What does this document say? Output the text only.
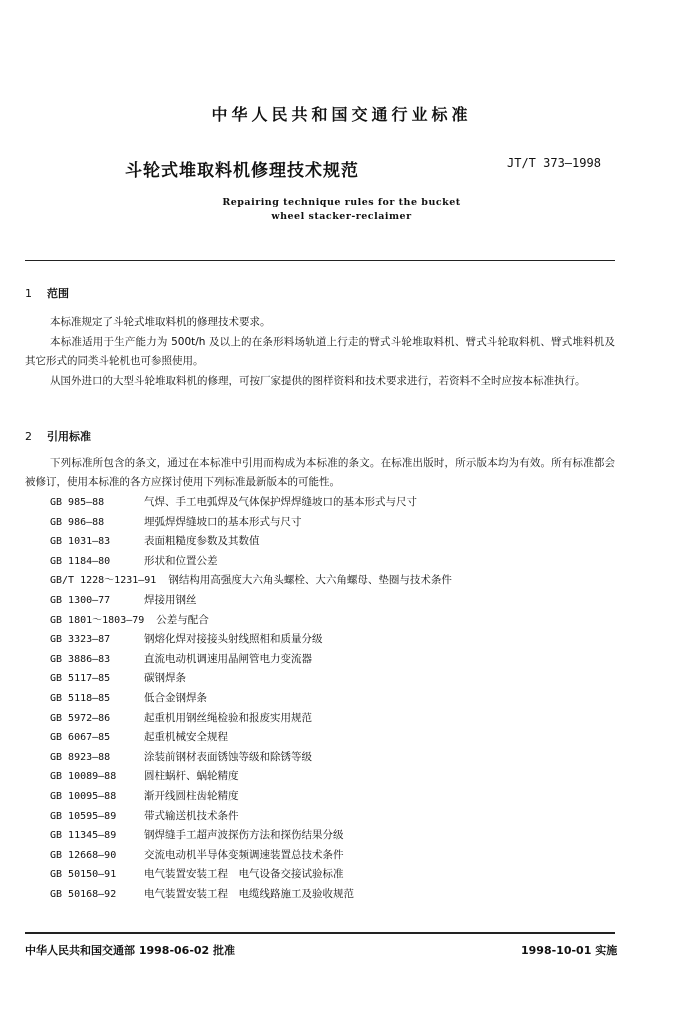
中华人民共和国交通行业标准
斗轮式堆取料机修理技术规范	JT/T 373—1998
Repairing technique rules for the bucket
wheel stacker-reclaimer
1 范围
本标准规定了斗轮式堆取料机的修理技术要求。
本标准适用于生产能力为 500t/h 及以上的在条形料场轨道上行走的臂式斗轮堆取料机、臂式斗轮取料机、臂式堆料机及其它形式的同类斗轮机也可参照使用。
从国外进口的大型斗轮堆取料机的修理，可按厂家提供的图样资料和技术要求进行，若资料不全时应按本标准执行。
2 引用标准
下列标准所包含的条文，通过在本标准中引用而构成为本标准的条文。在标准出版时，所示版本均为有效。所有标准都会被修订，使用本标准的各方应探讨使用下列标准最新版本的可能性。
GB 985—88	气焊、手工电弧焊及气体保护焊焊缝坡口的基本形式与尺寸
GB 986—88	埋弧焊焊缝坡口的基本形式与尺寸
GB 1031—83	表面粗糙度参数及其数值
GB 1184—80	形状和位置公差
GB/T 1228～1231—91 钢结构用高强度大六角头螺栓、大六角螺母、垫圈与技术条件
GB 1300—77	焊接用钢丝
GB 1801～1803—79 公差与配合
GB 3323—87	钢熔化焊对接接头射线照相和质量分级
GB 3886—83	直流电动机调速用晶闸管电力变流器
GB 5117—85	碳钢焊条
GB 5118—85	低合金钢焊条
GB 5972—86	起重机用钢丝绳检验和报废实用规范
GB 6067—85	起重机械安全规程
GB 8923—88	涂装前钢材表面锈蚀等级和除锈等级
GB 10089—88	圆柱蜗杆、蜗轮精度
GB 10095—88	渐开线圆柱齿轮精度
GB 10595—89	带式输送机技术条件
GB 11345—89	钢焊缝手工超声波探伤方法和探伤结果分级
GB 12668—90	交流电动机半导体变频调速装置总技术条件
GB 50150—91	电气装置安装工程　电气设备交接试验标准
GB 50168—92	电气装置安装工程　电缆线路施工及验收规范
中华人民共和国交通部 1998-06-02 批准	1998-10-01 实施
